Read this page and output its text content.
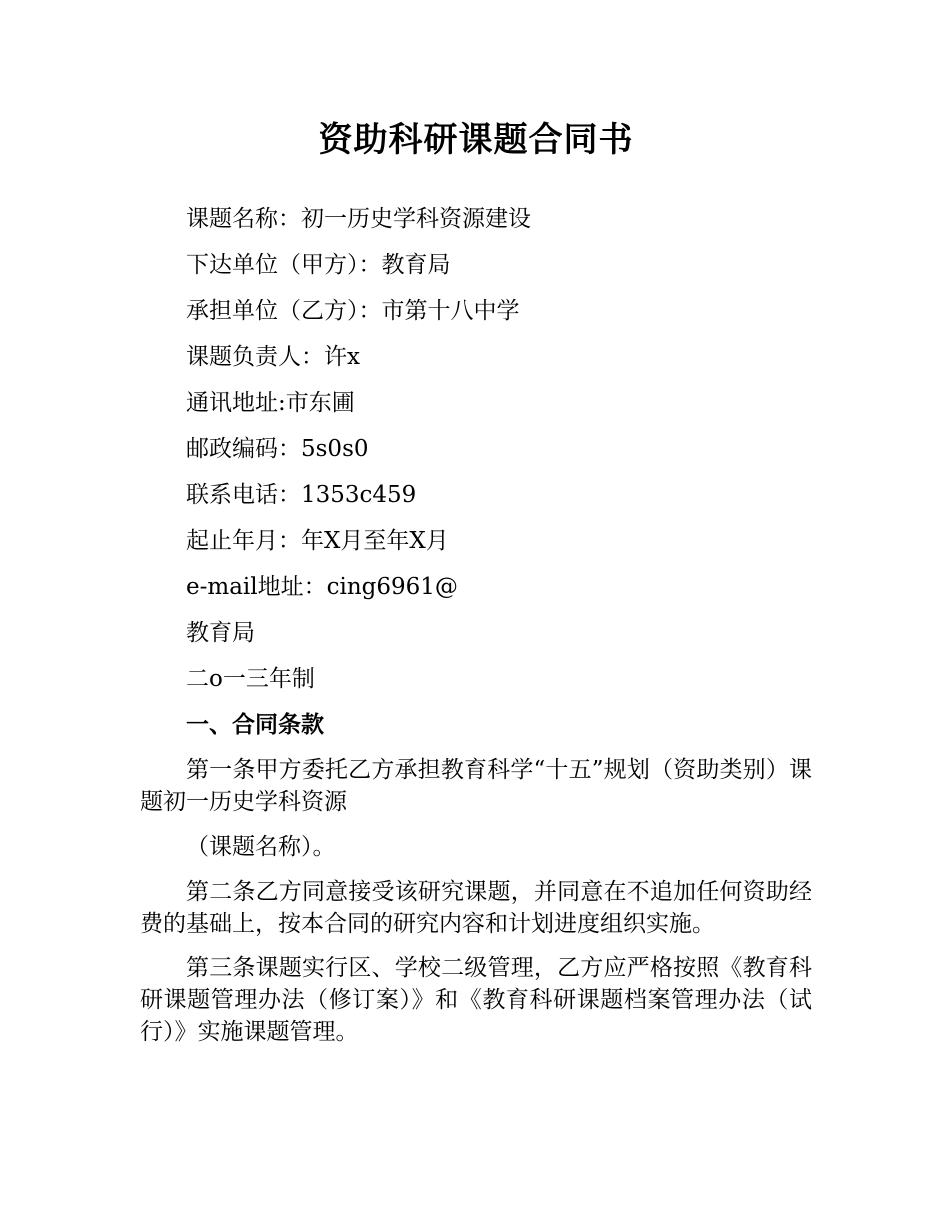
资助科研课题合同书
课题名称：初一历史学科资源建设
下达单位（甲方）：教育局
承担单位（乙方）：市第十八中学
课题负责人：许x
通讯地址:市东圃
邮政编码：5s0s0
联系电话：1353c459
起止年月：年X月至年X月
e-mail地址：cing6961@
教育局
二o一三年制
一、合同条款
第一条甲方委托乙方承担教育科学“十五”规划（资助类别）课题初一历史学科资源
（课题名称）。
第二条乙方同意接受该研究课题，并同意在不追加任何资助经费的基础上，按本合同的研究内容和计划进度组织实施。
第三条课题实行区、学校二级管理，乙方应严格按照《教育科研课题管理办法（修订案）》和《教育科研课题档案管理办法（试行）》实施课题管理。
